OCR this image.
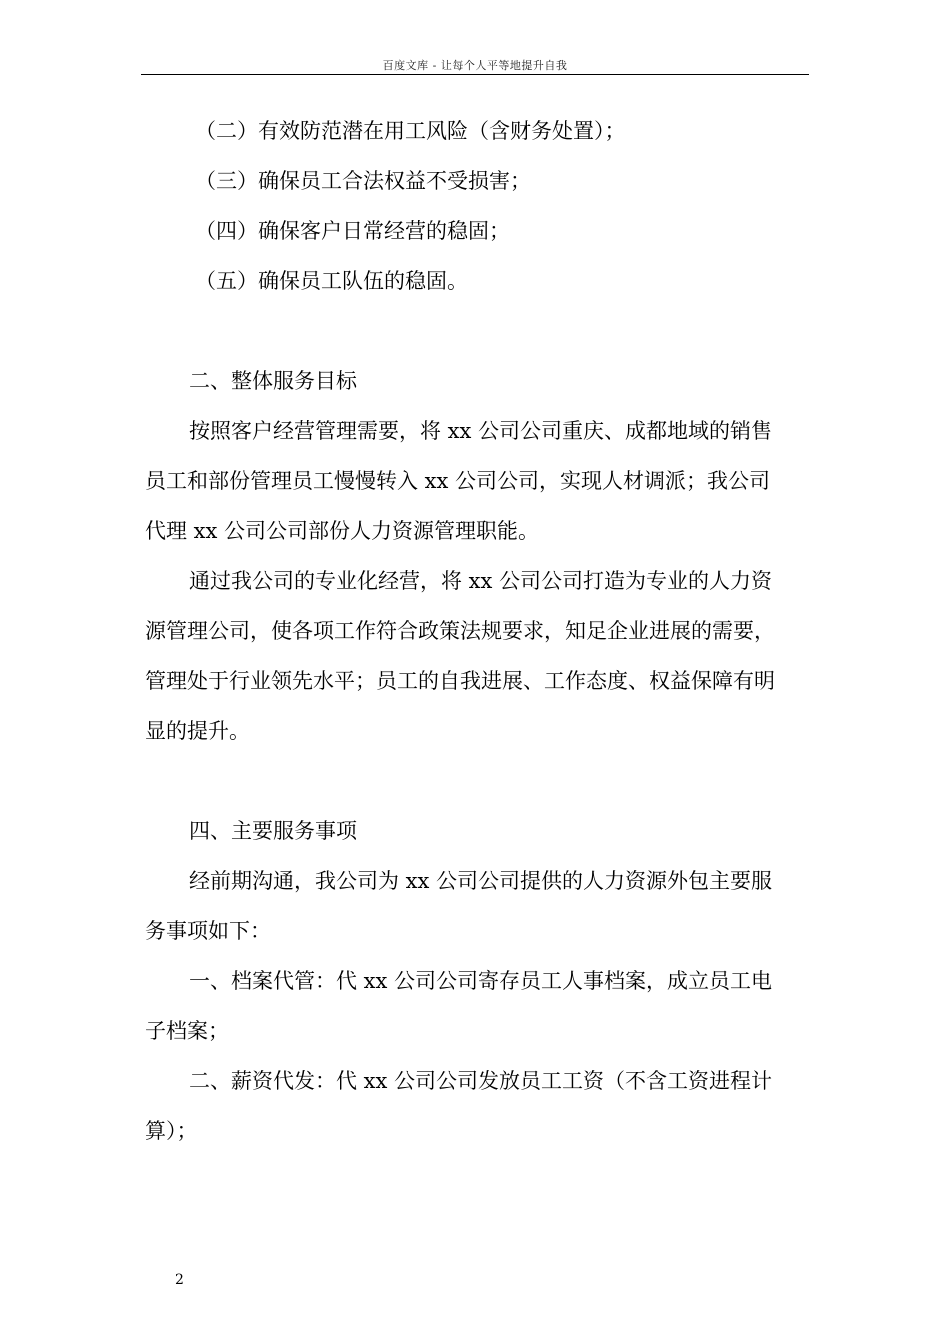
百度文库 - 让每个人平等地提升自我
（二）有效防范潜在用工风险（含财务处置）；
（三）确保员工合法权益不受损害；
（四）确保客户日常经营的稳固；
（五）确保员工队伍的稳固。
二、整体服务目标
按照客户经营管理需要，将 xx 公司公司重庆、成都地域的销售
员工和部份管理员工慢慢转入 xx 公司公司，实现人材调派；我公司
代理 xx 公司公司部份人力资源管理职能。
通过我公司的专业化经营，将 xx 公司公司打造为专业的人力资
源管理公司，使各项工作符合政策法规要求，知足企业进展的需要，
管理处于行业领先水平；员工的自我进展、工作态度、权益保障有明
显的提升。
四、主要服务事项
经前期沟通，我公司为 xx 公司公司提供的人力资源外包主要服
务事项如下：
一、档案代管：代 xx 公司公司寄存员工人事档案，成立员工电
子档案；
二、薪资代发：代 xx 公司公司发放员工工资（不含工资进程计
算）；
2
